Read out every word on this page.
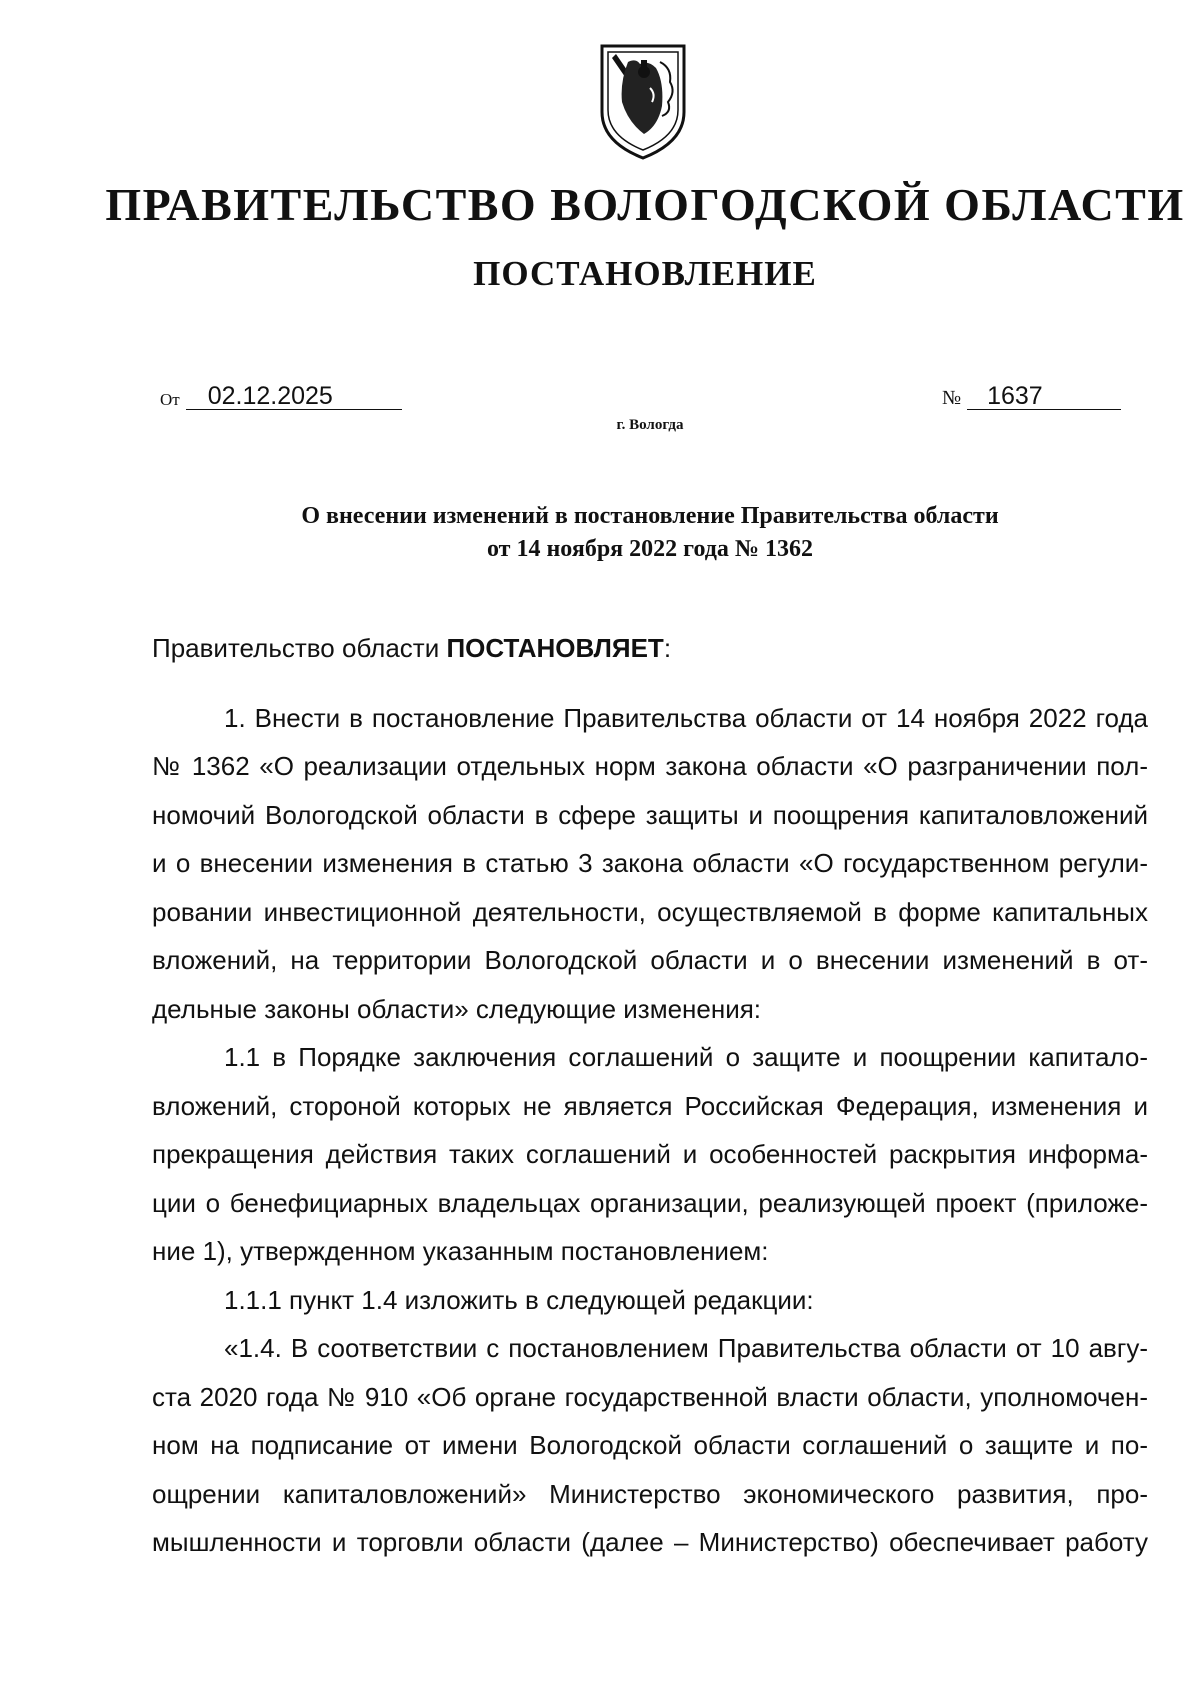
ПРАВИТЕЛЬСТВО ВОЛОГОДСКОЙ ОБЛАСТИ
ПОСТАНОВЛЕНИЕ
От 02.12.2025	№ 1637
г. Вологда
О внесении изменений в постановление Правительства области
от 14 ноября 2022 года № 1362
Правительство области ПОСТАНОВЛЯЕТ:
1. Внести в постановление Правительства области от 14 ноября 2022 года
№ 1362 «О реализации отдельных норм закона области «О разграничении пол-
номочий Вологодской области в сфере защиты и поощрения капиталовложений
и о внесении изменения в статью 3 закона области «О государственном регули-
ровании инвестиционной деятельности, осуществляемой в форме капитальных
вложений, на территории Вологодской области и о внесении изменений в от-
дельные законы области» следующие изменения:
1.1 в Порядке заключения соглашений о защите и поощрении капитало-
вложений, стороной которых не является Российская Федерация, изменения и
прекращения действия таких соглашений и особенностей раскрытия информа-
ции о бенефициарных владельцах организации, реализующей проект (приложе-
ние 1), утвержденном указанным постановлением:
1.1.1 пункт 1.4 изложить в следующей редакции:
«1.4. В соответствии с постановлением Правительства области от 10 авгу-
ста 2020 года № 910 «Об органе государственной власти области, уполномочен-
ном на подписание от имени Вологодской области соглашений о защите и по-
ощрении капиталовложений» Министерство экономического развития, про-
мышленности и торговли области (далее – Министерство) обеспечивает работу
